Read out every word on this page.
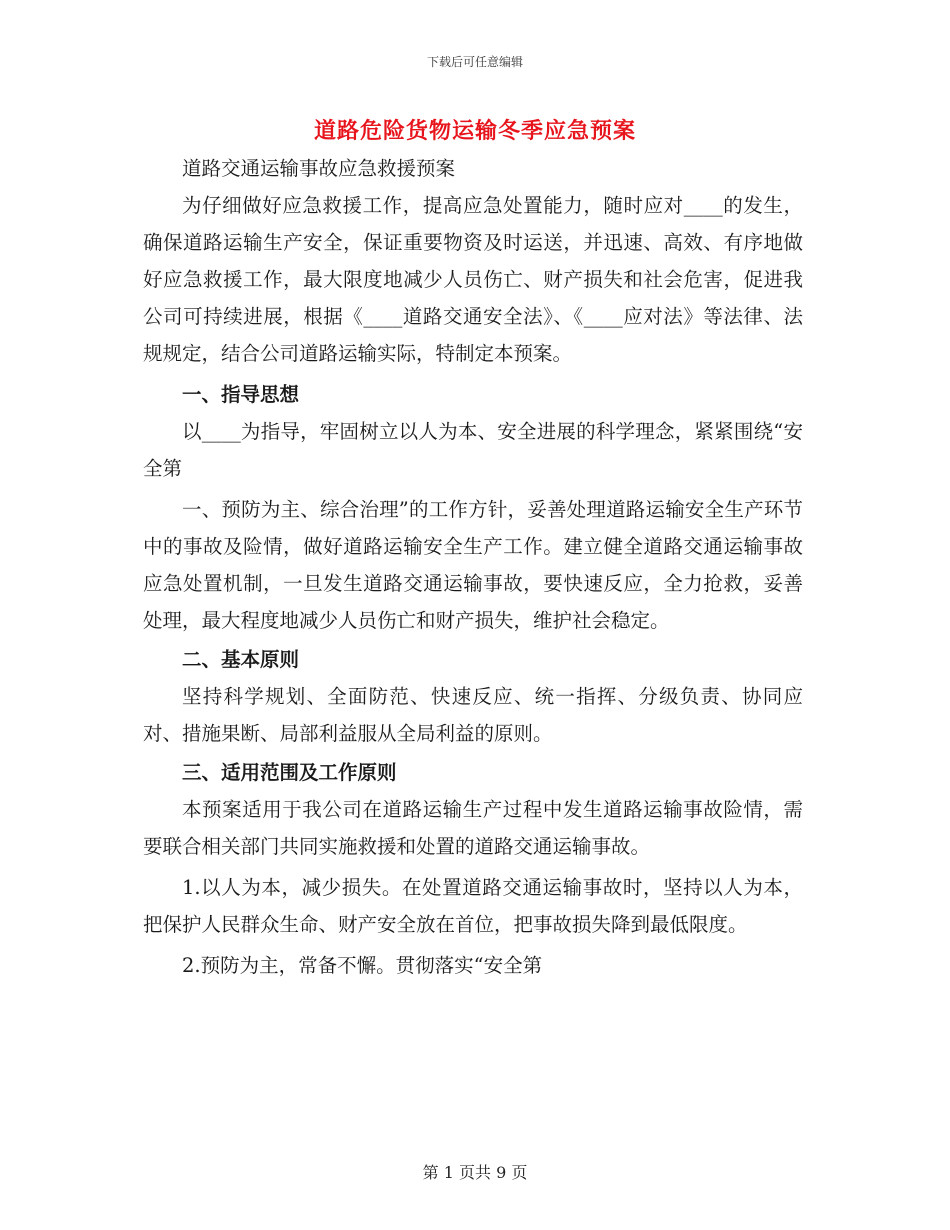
下载后可任意编辑
道路危险货物运输冬季应急预案

道路交通运输事故应急救援预案

为仔细做好应急救援工作，提高应急处置能力，随时应对____的发生，确保道路运输生产安全，保证重要物资及时运送，并迅速、高效、有序地做好应急救援工作，最大限度地减少人员伤亡、财产损失和社会危害，促进我公司可持续进展，根据《____道路交通安全法》、《____应对法》等法律、法规规定，结合公司道路运输实际，特制定本预案。

一、指导思想

以____为指导，牢固树立以人为本、安全进展的科学理念，紧紧围绕“安全第

一、预防为主、综合治理”的工作方针，妥善处理道路运输安全生产环节中的事故及险情，做好道路运输安全生产工作。建立健全道路交通运输事故应急处置机制，一旦发生道路交通运输事故，要快速反应，全力抢救，妥善处理，最大程度地减少人员伤亡和财产损失，维护社会稳定。

二、基本原则

坚持科学规划、全面防范、快速反应、统一指挥、分级负责、协同应对、措施果断、局部利益服从全局利益的原则。

三、适用范围及工作原则

本预案适用于我公司在道路运输生产过程中发生道路运输事故险情，需要联合相关部门共同实施救援和处置的道路交通运输事故。

1.以人为本，减少损失。在处置道路交通运输事故时，坚持以人为本，把保护人民群众生命、财产安全放在首位，把事故损失降到最低限度。

2.预防为主，常备不懈。贯彻落实“安全第

第 1 页共 9 页
